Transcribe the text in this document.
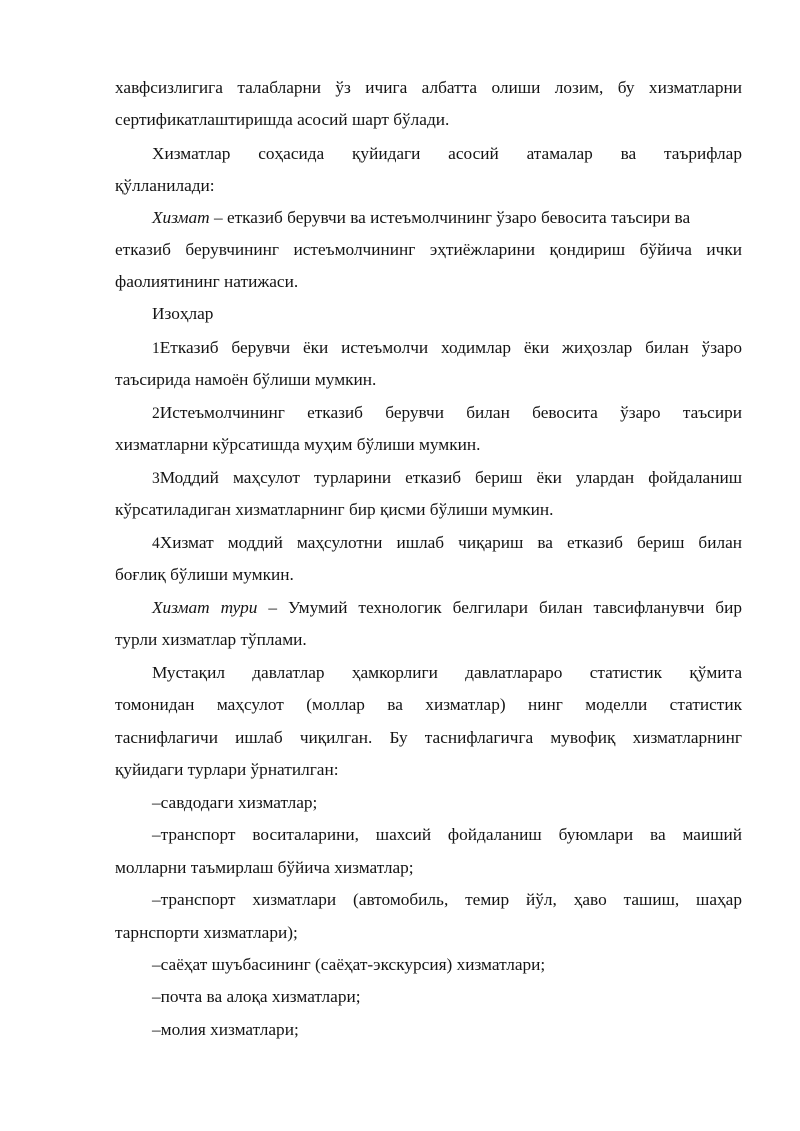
хавфсизлигига талабларни ўз ичига албатта олиши лозим, бу хизматларни

сертификатлаштиришда асосий шарт бўлади.

Хизматлар соҳасида қуйидаги асосий атамалар ва таърифлар

қўлланилади:

Хизмат – етказиб берувчи ва истеъмолчининг ўзаро бевосита таъсири ва

етказиб берувчининг истеъмолчининг эҳтиёжларини қондириш бўйича ички

фаолиятининг натижаси.

Изоҳлар

1Етказиб берувчи ёки истеъмолчи ходимлар ёки жиҳозлар билан ўзаро

таъсирида намоён бўлиши мумкин.

2Истеъмолчининг етказиб берувчи билан бевосита ўзаро таъсири

хизматларни кўрсатишда муҳим бўлиши мумкин.

3Моддий маҳсулот турларини етказиб бериш ёки улардан фойдаланиш

кўрсатиладиган хизматларнинг бир қисми бўлиши мумкин.

4Хизмат моддий маҳсулотни ишлаб чиқариш ва етказиб бериш билан

боғлиқ бўлиши мумкин.

Хизмат тури – Умумий технологик белгилари билан тавсифланувчи бир

турли хизматлар тўплами.

Мустақил давлатлар ҳамкорлиги давлатлараро статистик қўмита

томонидан маҳсулот (моллар ва хизматлар) нинг моделли статистик

таснифлагичи ишлаб чиқилган. Бу таснифлагичга мувофиқ хизматларнинг

қуйидаги турлари ўрнатилган:

–савдодаги хизматлар;

–транспорт воситаларини, шахсий фойдаланиш буюмлари ва маиший

молларни таъмирлаш бўйича хизматлар;

–транспорт хизматлари (автомобиль, темир йўл, ҳаво ташиш, шаҳар

тарнспорти хизматлари);

–саёҳат шуъбасининг (саёҳат-экскурсия) хизматлари;

–почта ва алоқа хизматлари;

–молия хизматлари;
